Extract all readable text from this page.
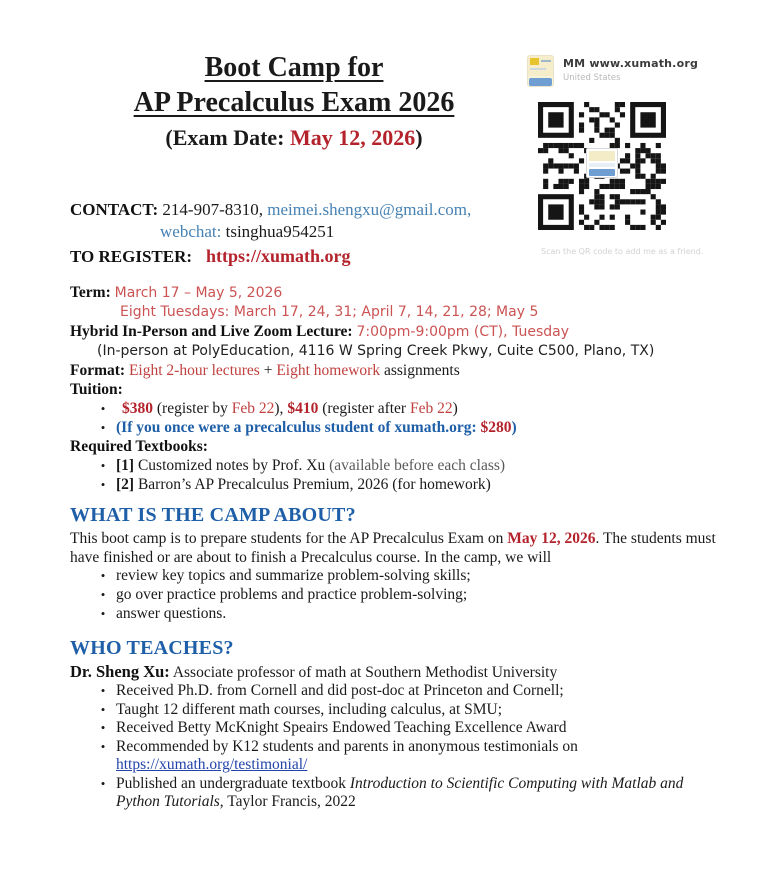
Boot Camp for
AP Precalculus Exam 2026
(Exam Date: May 12, 2026)
MM www.xumath.org
United States
Scan the QR code to add me as a friend.
CONTACT: 214-907-8310, meimei.shengxu@gmail.com,
webchat: tsinghua954251
TO REGISTER: https://xumath.org
Term: March 17 – May 5, 2026
Eight Tuesdays: March 17, 24, 31; April 7, 14, 21, 28; May 5
Hybrid In-Person and Live Zoom Lecture: 7:00pm-9:00pm (CT), Tuesday
(In-person at PolyEducation, 4116 W Spring Creek Pkwy, Cuite C500, Plano, TX)
Format: Eight 2-hour lectures + Eight homework assignments
Tuition:
•	$380 (register by Feb 22), $410 (register after Feb 22)
• (If you once were a precalculus student of xumath.org: $280)
Required Textbooks:
• [1] Customized notes by Prof. Xu (available before each class)
• [2] Barron’s AP Precalculus Premium, 2026 (for homework)
WHAT IS THE CAMP ABOUT?
This boot camp is to prepare students for the AP Precalculus Exam on May 12, 2026. The students must have finished or are about to finish a Precalculus course. In the camp, we will
• review key topics and summarize problem-solving skills;
• go over practice problems and practice problem-solving;
• answer questions.
WHO TEACHES?
Dr. Sheng Xu: Associate professor of math at Southern Methodist University
• Received Ph.D. from Cornell and did post-doc at Princeton and Cornell;
• Taught 12 different math courses, including calculus, at SMU;
• Received Betty McKnight Speairs Endowed Teaching Excellence Award
• Recommended by K12 students and parents in anonymous testimonials on
https://xumath.org/testimonial/
• Published an undergraduate textbook Introduction to Scientific Computing with Matlab and Python Tutorials, Taylor Francis, 2022
